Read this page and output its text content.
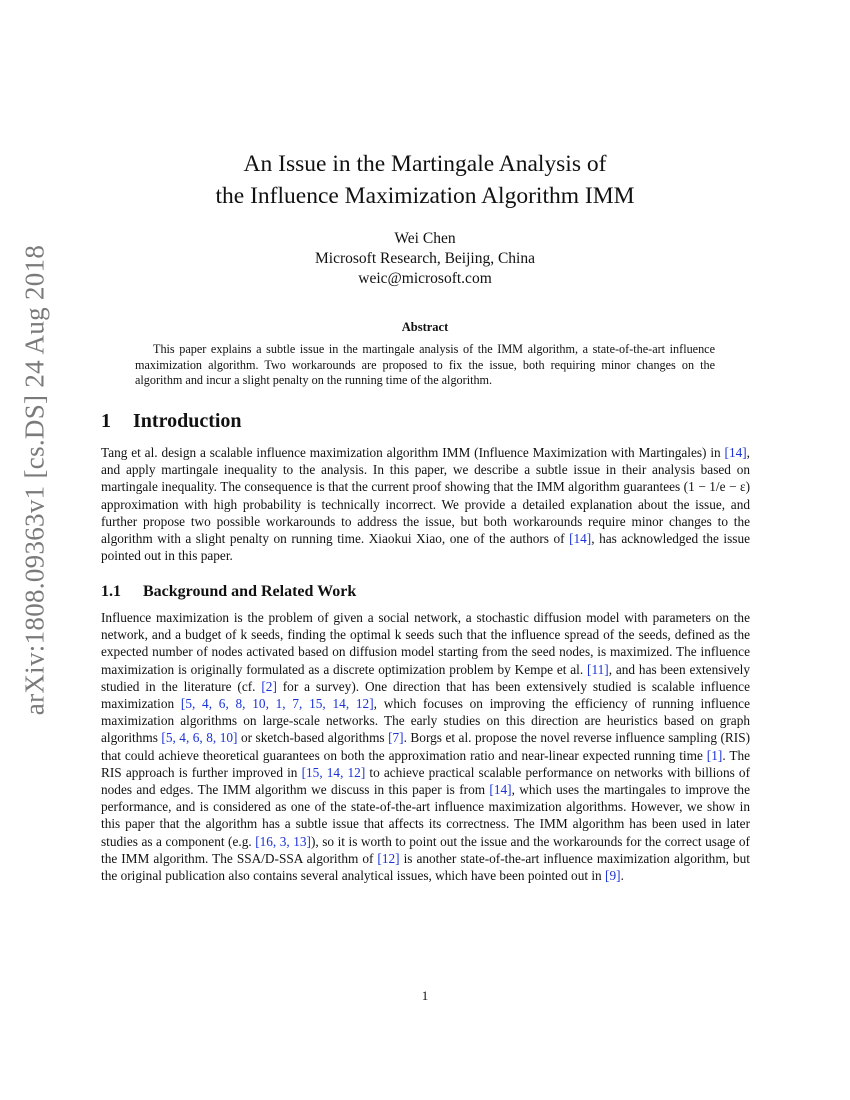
arXiv:1808.09363v1 [cs.DS] 24 Aug 2018
An Issue in the Martingale Analysis of
the Influence Maximization Algorithm IMM
Wei Chen
Microsoft Research, Beijing, China
weic@microsoft.com
Abstract
This paper explains a subtle issue in the martingale analysis of the IMM algorithm, a state-of-the-art influence maximization algorithm. Two workarounds are proposed to fix the issue, both requiring minor changes on the algorithm and incur a slight penalty on the running time of the algorithm.
1 Introduction
Tang et al. design a scalable influence maximization algorithm IMM (Influence Maximization with Martingales) in [14], and apply martingale inequality to the analysis. In this paper, we describe a subtle issue in their analysis based on martingale inequality. The consequence is that the current proof showing that the IMM algorithm guarantees (1 − 1/e − ε) approximation with high probability is technically incorrect. We provide a detailed explanation about the issue, and further propose two possible workarounds to address the issue, but both workarounds require minor changes to the algorithm with a slight penalty on running time. Xiaokui Xiao, one of the authors of [14], has acknowledged the issue pointed out in this paper.
1.1 Background and Related Work
Influence maximization is the problem of given a social network, a stochastic diffusion model with parameters on the network, and a budget of k seeds, finding the optimal k seeds such that the influence spread of the seeds, defined as the expected number of nodes activated based on diffusion model starting from the seed nodes, is maximized. The influence maximization is originally formulated as a discrete optimization problem by Kempe et al. [11], and has been extensively studied in the literature (cf. [2] for a survey). One direction that has been extensively studied is scalable influence maximization [5, 4, 6, 8, 10, 1, 7, 15, 14, 12], which focuses on improving the efficiency of running influence maximization algorithms on large-scale networks. The early studies on this direction are heuristics based on graph algorithms [5, 4, 6, 8, 10] or sketch-based algorithms [7]. Borgs et al. propose the novel reverse influence sampling (RIS) that could achieve theoretical guarantees on both the approximation ratio and near-linear expected running time [1]. The RIS approach is further improved in [15, 14, 12] to achieve practical scalable performance on networks with billions of nodes and edges. The IMM algorithm we discuss in this paper is from [14], which uses the martingales to improve the performance, and is considered as one of the state-of-the-art influence maximization algorithms. However, we show in this paper that the algorithm has a subtle issue that affects its correctness. The IMM algorithm has been used in later studies as a component (e.g. [16, 3, 13]), so it is worth to point out the issue and the workarounds for the correct usage of the IMM algorithm. The SSA/D-SSA algorithm of [12] is another state-of-the-art influence maximization algorithm, but the original publication also contains several analytical issues, which have been pointed out in [9].
1
